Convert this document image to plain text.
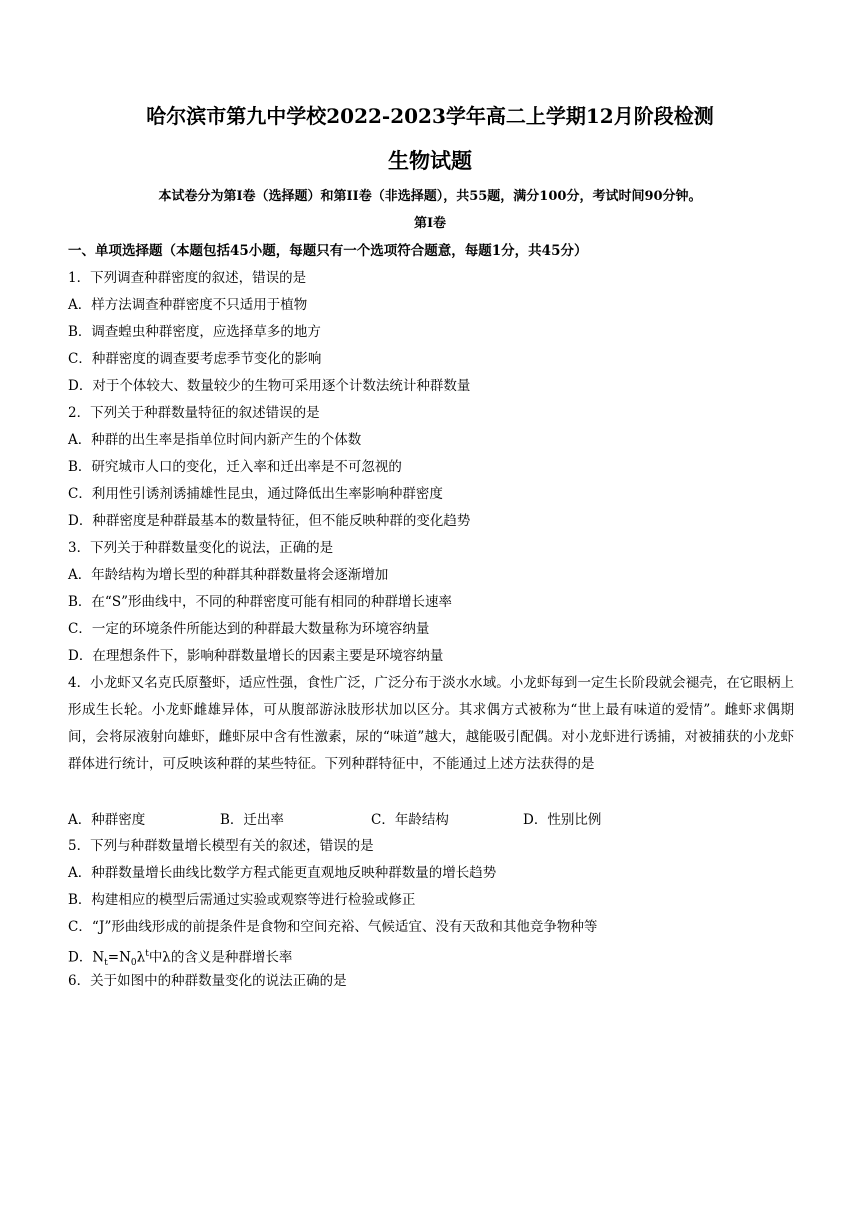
哈尔滨市第九中学校2022-2023学年高二上学期12月阶段检测
生物试题
本试卷分为第I卷（选择题）和第II卷（非选择题），共55题，满分100分，考试时间90分钟。
第I卷
一、单项选择题（本题包括45小题，每题只有一个选项符合题意，每题1分，共45分）
1．下列调查种群密度的叙述，错误的是
A．样方法调查种群密度不只适用于植物
B．调查蝗虫种群密度，应选择草多的地方
C．种群密度的调查要考虑季节变化的影响
D．对于个体较大、数量较少的生物可采用逐个计数法统计种群数量
2．下列关于种群数量特征的叙述错误的是
A．种群的出生率是指单位时间内新产生的个体数
B．研究城市人口的变化，迁入率和迁出率是不可忽视的
C．利用性引诱剂诱捕雄性昆虫，通过降低出生率影响种群密度
D．种群密度是种群最基本的数量特征，但不能反映种群的变化趋势
3．下列关于种群数量变化的说法，正确的是
A．年龄结构为增长型的种群其种群数量将会逐渐增加
B．在“S”形曲线中，不同的种群密度可能有相同的种群增长速率
C．一定的环境条件所能达到的种群最大数量称为环境容纳量
D．在理想条件下，影响种群数量增长的因素主要是环境容纳量
4．小龙虾又名克氏原螯虾，适应性强，食性广泛，广泛分布于淡水水域。小龙虾每到一定生长阶段就会褪壳，在它眼柄上形成生长轮。小龙虾雌雄异体，可从腹部游泳肢形状加以区分。其求偶方式被称为“世上最有味道的爱情”。雌虾求偶期间，会将尿液射向雄虾，雌虾尿中含有性激素，尿的“味道”越大，越能吸引配偶。对小龙虾进行诱捕，对被捕获的小龙虾群体进行统计，可反映该种群的某些特征。下列种群特征中，不能通过上述方法获得的是
A．种群密度	B．迁出率	C．年龄结构	D．性别比例
5．下列与种群数量增长模型有关的叙述，错误的是
A．种群数量增长曲线比数学方程式能更直观地反映种群数量的增长趋势
B．构建相应的模型后需通过实验或观察等进行检验或修正
C．“J”形曲线形成的前提条件是食物和空间充裕、气候适宜、没有天敌和其他竞争物种等
D．$N_t=N_0\lambda^t$中λ的含义是种群增长率
6．关于如图中的种群数量变化的说法正确的是
